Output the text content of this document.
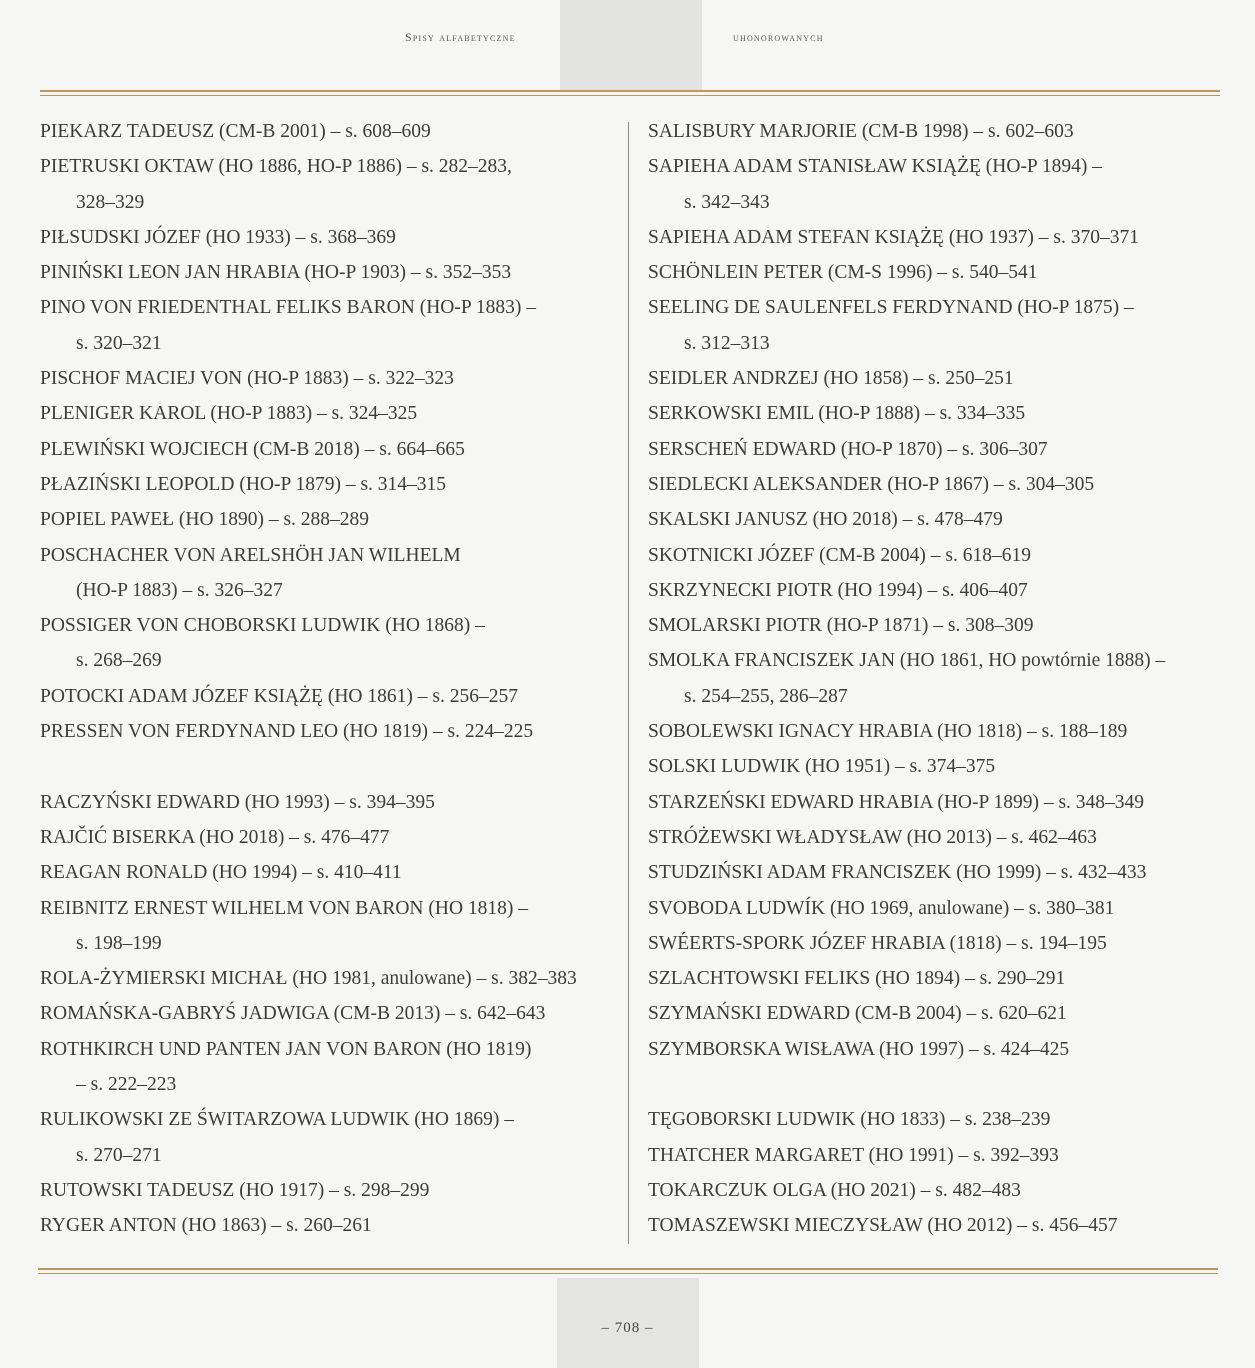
Spisy alfabetyczne	uhonorowanych
PIEKARZ TADEUSZ (CM-B 2001) – s. 608–609
PIETRUSKI OKTAW (HO 1886, HO-P 1886) – s. 282–283,
328–329
PIŁSUDSKI JÓZEF (HO 1933) – s. 368–369
PINIŃSKI LEON JAN HRABIA (HO-P 1903) – s. 352–353
PINO VON FRIEDENTHAL FELIKS BARON (HO-P 1883) –
s. 320–321
PISCHOF MACIEJ VON (HO-P 1883) – s. 322–323
PLENIGER KAROL (HO-P 1883) – s. 324–325
PLEWIŃSKI WOJCIECH (CM-B 2018) – s. 664–665
PŁAZIŃSKI LEOPOLD (HO-P 1879) – s. 314–315
POPIEL PAWEŁ (HO 1890) – s. 288–289
POSCHACHER VON ARELSHÖH JAN WILHELM
(HO-P 1883) – s. 326–327
POSSIGER VON CHOBORSKI LUDWIK (HO 1868) –
s. 268–269
POTOCKI ADAM JÓZEF KSIĄŻĘ (HO 1861) – s. 256–257
PRESSEN VON FERDYNAND LEO (HO 1819) – s. 224–225
RACZYŃSKI EDWARD (HO 1993) – s. 394–395
RAJČIĆ BISERKA (HO 2018) – s. 476–477
REAGAN RONALD (HO 1994) – s. 410–411
REIBNITZ ERNEST WILHELM VON BARON (HO 1818) –
s. 198–199
ROLA-ŻYMIERSKI MICHAŁ (HO 1981, anulowane) – s. 382–383
ROMAŃSKA-GABRYŚ JADWIGA (CM-B 2013) – s. 642–643
ROTHKIRCH UND PANTEN JAN VON BARON (HO 1819)
– s. 222–223
RULIKOWSKI ZE ŚWITARZOWA LUDWIK (HO 1869) –
s. 270–271
RUTOWSKI TADEUSZ (HO 1917) – s. 298–299
RYGER ANTON (HO 1863) – s. 260–261
SALISBURY MARJORIE (CM-B 1998) – s. 602–603
SAPIEHA ADAM STANISŁAW KSIĄŻĘ (HO-P 1894) –
s. 342–343
SAPIEHA ADAM STEFAN KSIĄŻĘ (HO 1937) – s. 370–371
SCHÖNLEIN PETER (CM-S 1996) – s. 540–541
SEELING DE SAULENFELS FERDYNAND (HO-P 1875) –
s. 312–313
SEIDLER ANDRZEJ (HO 1858) – s. 250–251
SERKOWSKI EMIL (HO-P 1888) – s. 334–335
SERSCHEŃ EDWARD (HO-P 1870) – s. 306–307
SIEDLECKI ALEKSANDER (HO-P 1867) – s. 304–305
SKALSKI JANUSZ (HO 2018) – s. 478–479
SKOTNICKI JÓZEF (CM-B 2004) – s. 618–619
SKRZYNECKI PIOTR (HO 1994) – s. 406–407
SMOLARSKI PIOTR (HO-P 1871) – s. 308–309
SMOLKA FRANCISZEK JAN (HO 1861, HO powtórnie 1888) –
s. 254–255, 286–287
SOBOLEWSKI IGNACY HRABIA (HO 1818) – s. 188–189
SOLSKI LUDWIK (HO 1951) – s. 374–375
STARZEŃSKI EDWARD HRABIA (HO-P 1899) – s. 348–349
STRÓŻEWSKI WŁADYSŁAW (HO 2013) – s. 462–463
STUDZIŃSKI ADAM FRANCISZEK (HO 1999) – s. 432–433
SVOBODA LUDWÍK (HO 1969, anulowane) – s. 380–381
SWÉERTS-SPORK JÓZEF HRABIA (1818) – s. 194–195
SZLACHTOWSKI FELIKS (HO 1894) – s. 290–291
SZYMAŃSKI EDWARD (CM-B 2004) – s. 620–621
SZYMBORSKA WISŁAWA (HO 1997) – s. 424–425
TĘGOBORSKI LUDWIK (HO 1833) – s. 238–239
THATCHER MARGARET (HO 1991) – s. 392–393
TOKARCZUK OLGA (HO 2021) – s. 482–483
TOMASZEWSKI MIECZYSŁAW (HO 2012) – s. 456–457
– 708 –
